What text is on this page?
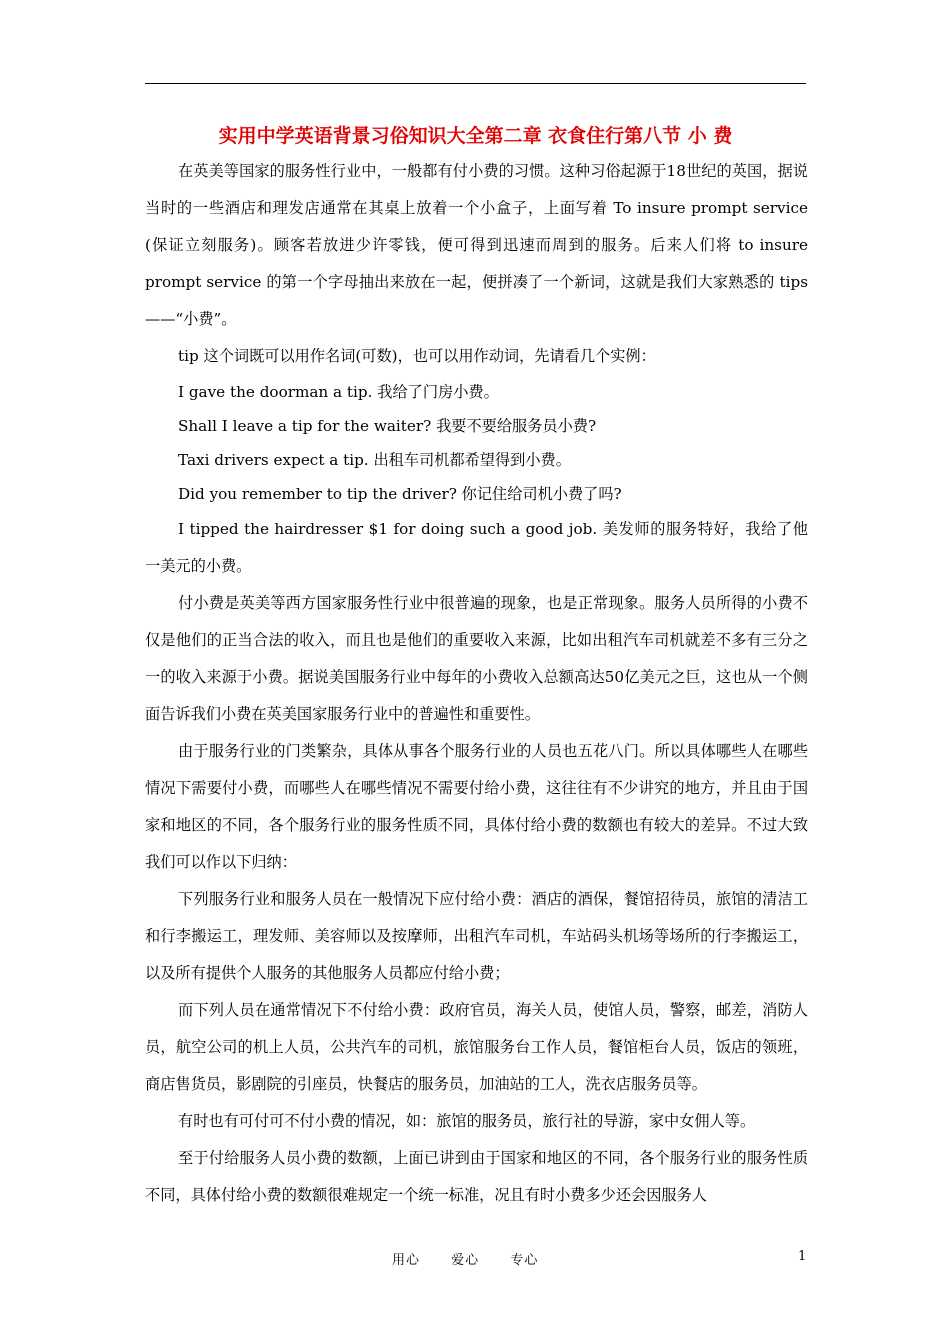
实用中学英语背景习俗知识大全第二章 衣食住行第八节 小 费

在英美等国家的服务性行业中，一般都有付小费的习惯。这种习俗起源于18世纪的英国，据说当时的一些酒店和理发店通常在其桌上放着一个小盒子，上面写着 To insure prompt service (保证立刻服务)。顾客若放进少许零钱，便可得到迅速而周到的服务。后来人们将 to insure prompt service 的第一个字母抽出来放在一起，便拼凑了一个新词，这就是我们大家熟悉的 tips——“小费”。

tip 这个词既可以用作名词(可数)，也可以用作动词，先请看几个实例：

I gave the doorman a tip. 我给了门房小费。

Shall I leave a tip for the waiter? 我要不要给服务员小费?

Taxi drivers expect a tip. 出租车司机都希望得到小费。

Did you remember to tip the driver? 你记住给司机小费了吗?

I tipped the hairdresser $1 for doing such a good job. 美发师的服务特好，我给了他一美元的小费。

付小费是英美等西方国家服务性行业中很普遍的现象，也是正常现象。服务人员所得的小费不仅是他们的正当合法的收入，而且也是他们的重要收入来源，比如出租汽车司机就差不多有三分之一的收入来源于小费。据说美国服务行业中每年的小费收入总额高达50亿美元之巨，这也从一个侧面告诉我们小费在英美国家服务行业中的普遍性和重要性。

由于服务行业的门类繁杂，具体从事各个服务行业的人员也五花八门。所以具体哪些人在哪些情况下需要付小费，而哪些人在哪些情况不需要付给小费，这往往有不少讲究的地方，并且由于国家和地区的不同，各个服务行业的服务性质不同，具体付给小费的数额也有较大的差异。不过大致我们可以作以下归纳：

下列服务行业和服务人员在一般情况下应付给小费：酒店的酒保，餐馆招待员，旅馆的清洁工和行李搬运工，理发师、美容师以及按摩师，出租汽车司机，车站码头机场等场所的行李搬运工，以及所有提供个人服务的其他服务人员都应付给小费；

而下列人员在通常情况下不付给小费：政府官员，海关人员，使馆人员，警察，邮差，消防人员，航空公司的机上人员，公共汽车的司机，旅馆服务台工作人员，餐馆柜台人员，饭店的领班，商店售货员，影剧院的引座员，快餐店的服务员，加油站的工人，洗衣店服务员等。

有时也有可付可不付小费的情况，如：旅馆的服务员，旅行社的导游，家中女佣人等。

至于付给服务人员小费的数额，上面已讲到由于国家和地区的不同，各个服务行业的服务性质不同，具体付给小费的数额很难规定一个统一标准，况且有时小费多少还会因服务人

用心 爱心 专心	1
